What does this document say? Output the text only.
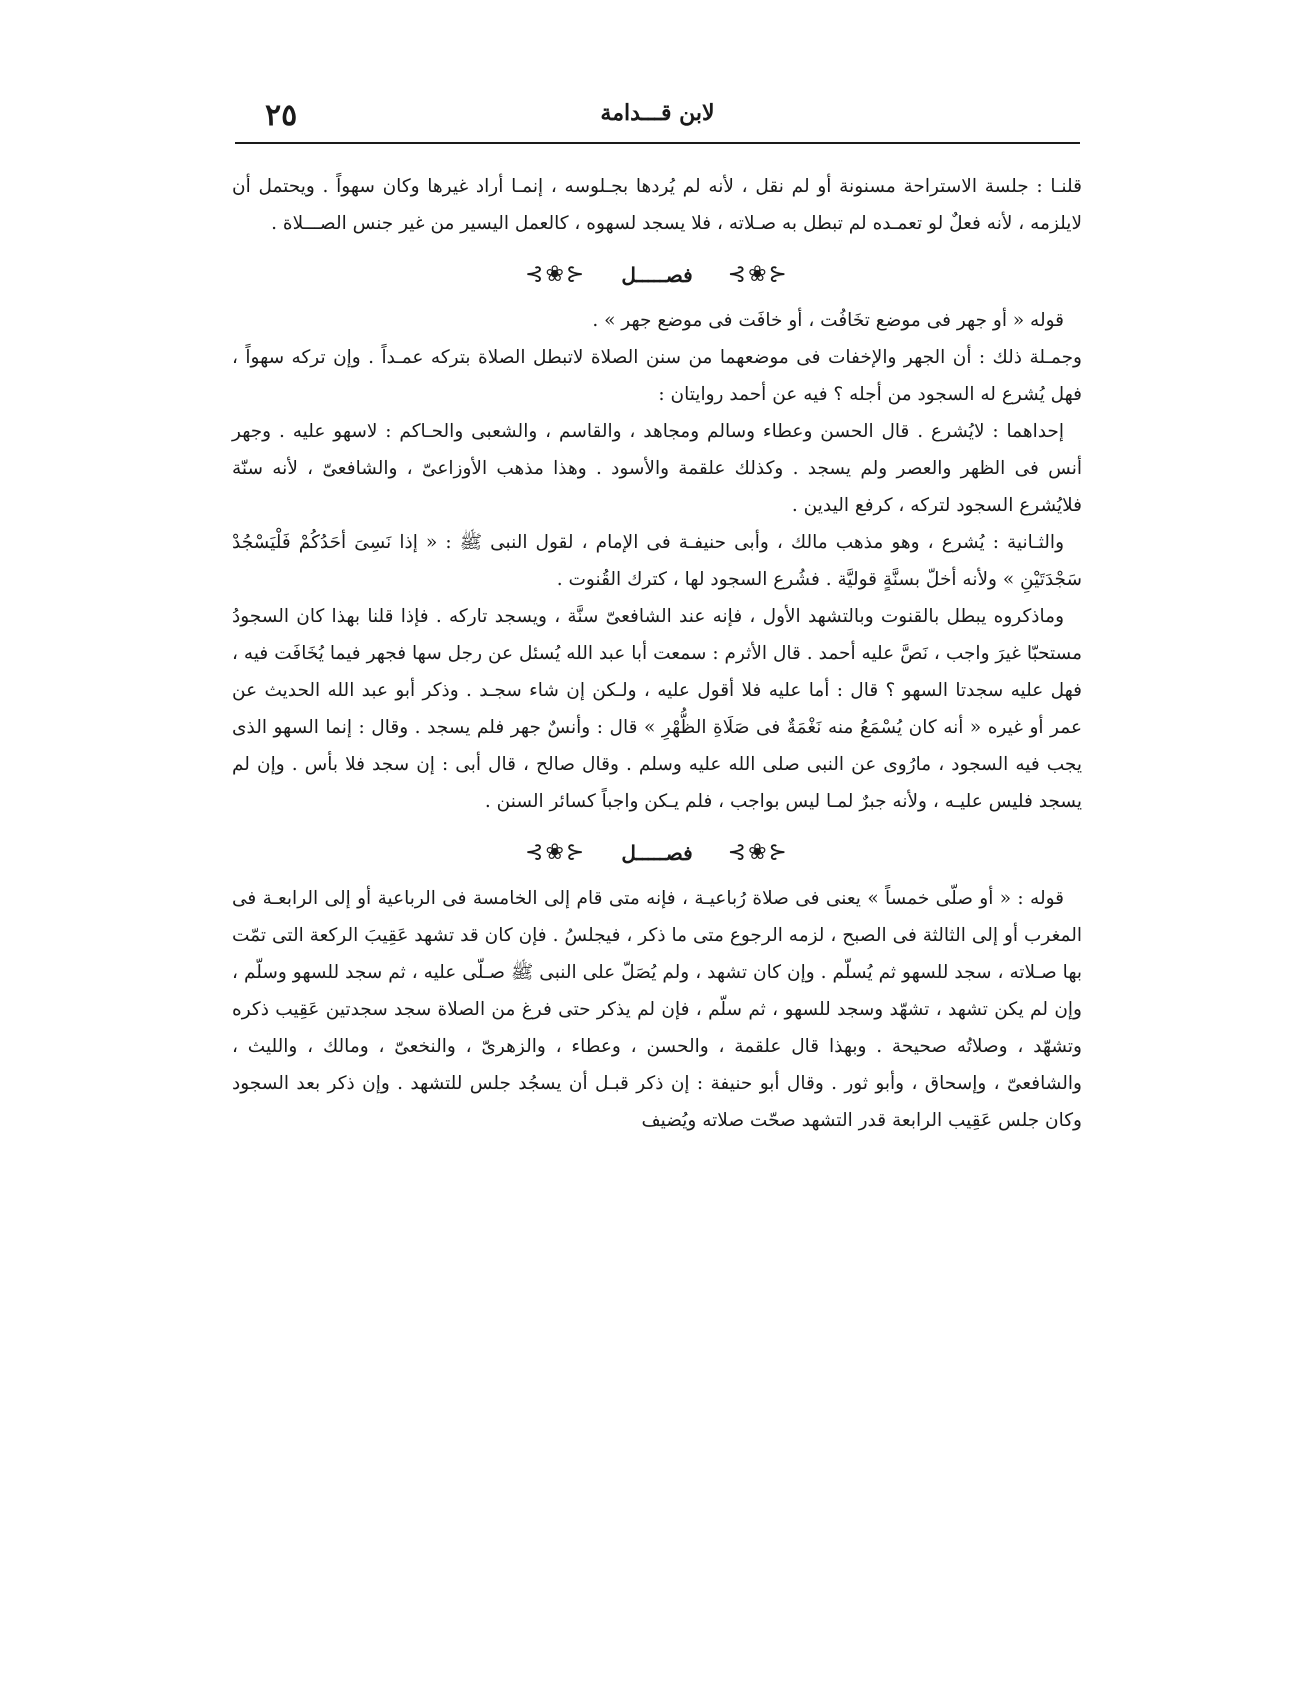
لابن قـــدامة
٢٥

قلنـا : جلسة الاستراحة مسنونة أو لم نقل ، لأنه لم يُردها بجـلوسه ، إنمـا أراد غيرها وكان سهواً . ويحتمل أن لايلزمه ، لأنه فعلٌ لو تعمـده لم تبطل به صـلاته ، فلا يسجد لسهوه ، كالعمل اليسير من غير جنس الصـــلاة .

⊰❀⊱ فصـــــل ⊰❀⊱

قوله « أو جهر فى موضع تخَافُت ، أو خافَت فى موضع جهر » .

وجمـلة ذلك : أن الجهر والإخفات فى موضعهما من سنن الصلاة لاتبطل الصلاة بتركه عمـداً . وإن تركه سهواً ، فهل يُشرع له السجود من أجله ؟ فيه عن أحمد روايتان :

إحداهما : لايُشرع . قال الحسن وعطاء وسالم ومجاهد ، والقاسم ، والشعبى والحـاكم : لاسهو عليه . وجهر أنس فى الظهر والعصر ولم يسجد . وكذلك علقمة والأسود . وهذا مذهب الأوزاعىّ ، والشافعىّ ، لأنه سنّة فلايُشرع السجود لتركه ، كرفع اليدين .

والثـانية : يُشرع ، وهو مذهب مالك ، وأبى حنيفـة فى الإمام ، لقول النبى ﷺ : « إذا نَسِىَ أحَدُكُمْ فَلْيَسْجُدْ سَجْدَتَيْنِ » ولأنه أخلّ بسنَّةٍ قوليَّة . فشُرع السجود لها ، كترك القُنوت .

وماذكروه يبطل بالقنوت وبالتشهد الأول ، فإنه عند الشافعىّ سنَّة ، ويسجد تاركه . فإذا قلنا بهذا كان السجودُ مستحبّا غيرَ واجب ، نَصَّ عليه أحمد . قال الأثرم : سمعت أبا عبد الله يُسئل عن رجل سها فجهر فيما يُخَافَت فيه ، فهل عليه سجدتا السهو ؟ قال : أما عليه فلا أقول عليه ، ولـكن إن شاء سجـد . وذكر أبو عبد الله الحديث عن عمر أو غيره « أنه كان يُسْمَعُ منه نَغْمَةٌ فى صَلَاةِ الظُّهْرِ » قال : وأنسٌ جهر فلم يسجد . وقال : إنما السهو الذى يجب فيه السجود ، مارُوى عن النبى صلى الله عليه وسلم . وقال صالح ، قال أبى : إن سجد فلا بأس . وإن لم يسجد فليس عليـه ، ولأنه جبرٌ لمـا ليس بواجب ، فلم يـكن واجباً كسائر السنن .

⊰❀⊱ فصـــــل ⊰❀⊱

قوله : « أو صلّى خمساً » يعنى فى صلاة رُباعيـة ، فإنه متى قام إلى الخامسة فى الرباعية أو إلى الرابعـة فى المغرب أو إلى الثالثة فى الصبح ، لزمه الرجوع متى ما ذكر ، فيجلسُ . فإن كان قد تشهد عَقِيبَ الركعة التى تمّت بها صـلاته ، سجد للسهو ثم يُسلّم . وإن كان تشهد ، ولم يُصَلّ على النبى ﷺ صـلّى عليه ، ثم سجد للسهو وسلّم ، وإن لم يكن تشهد ، تشهّد وسجد للسهو ، ثم سلّم ، فإن لم يذكر حتى فرغ من الصلاة سجد سجدتين عَقِيب ذكره وتشهّد ، وصلاتُه صحيحة . وبهذا قال علقمة ، والحسن ، وعطاء ، والزهرىّ ، والنخعىّ ، ومالك ، والليث ، والشافعىّ ، وإسحاق ، وأبو ثور . وقال أبو حنيفة : إن ذكر قبـل أن يسجُد جلس للتشهد . وإن ذكر بعد السجود وكان جلس عَقِيب الرابعة قدر التشهد صحّت صلاته ويُضيف
